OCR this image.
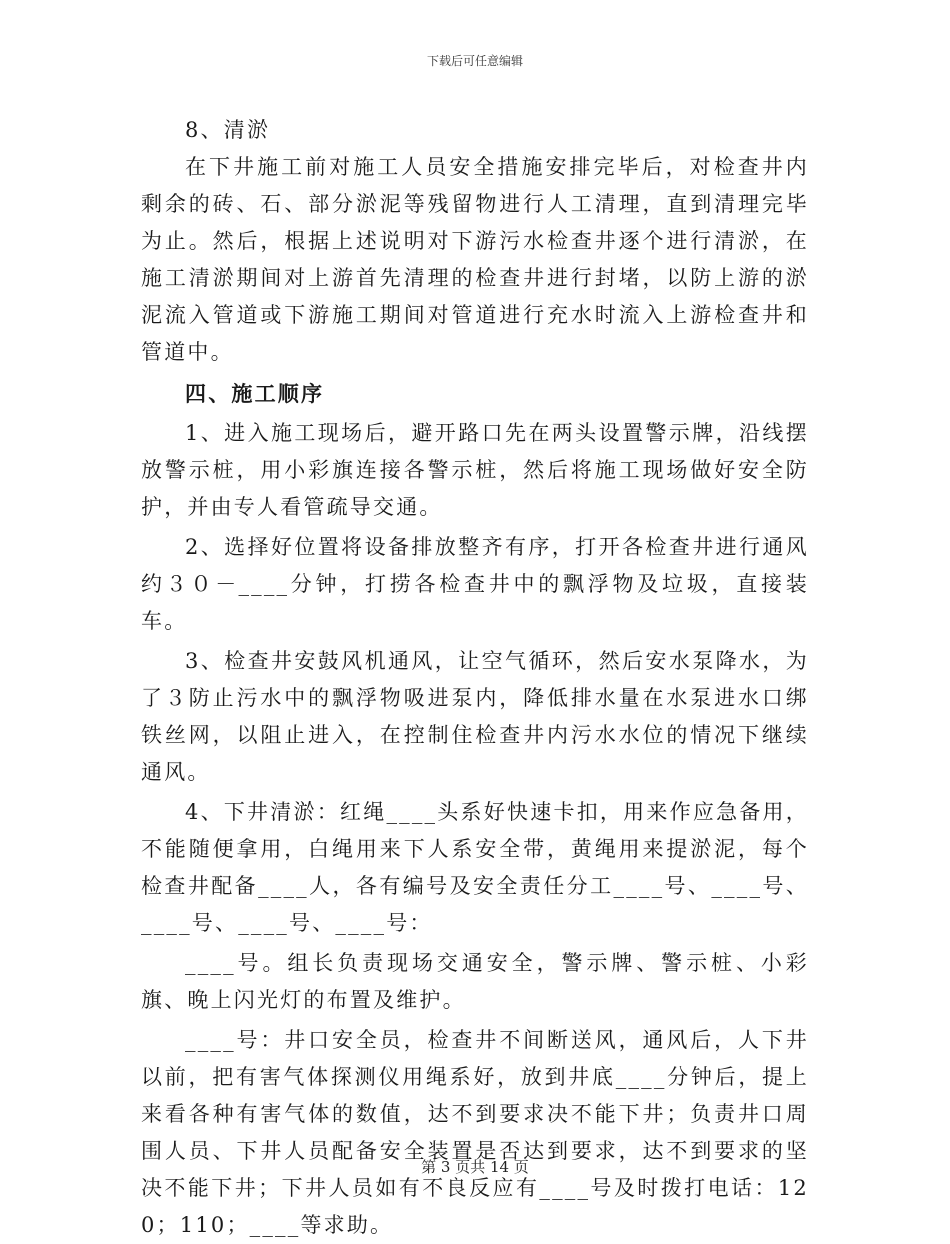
下载后可任意编辑

8、清淤

在下井施工前对施工人员安全措施安排完毕后，对检查井内剩余的砖、石、部分淤泥等残留物进行人工清理，直到清理完毕为止。然后，根据上述说明对下游污水检查井逐个进行清淤，在施工清淤期间对上游首先清理的检查井进行封堵，以防上游的淤泥流入管道或下游施工期间对管道进行充水时流入上游检查井和管道中。

四、施工顺序

1、进入施工现场后，避开路口先在两头设置警示牌，沿线摆放警示桩，用小彩旗连接各警示桩，然后将施工现场做好安全防护，并由专人看管疏导交通。

2、选择好位置将设备排放整齐有序，打开各检查井进行通风约３０－____分钟，打捞各检查井中的飘浮物及垃圾，直接装车。

3、检查井安鼓风机通风，让空气循环，然后安水泵降水，为了３防止污水中的飘浮物吸进泵内，降低排水量在水泵进水口绑铁丝网，以阻止进入，在控制住检查井内污水水位的情况下继续通风。

4、下井清淤：红绳____头系好快速卡扣，用来作应急备用，不能随便拿用，白绳用来下人系安全带，黄绳用来提淤泥，每个检查井配备____人，各有编号及安全责任分工____号、____号、____号、____号、____号：

____号。组长负责现场交通安全，警示牌、警示桩、小彩旗、晚上闪光灯的布置及维护。

____号：井口安全员，检查井不间断送风，通风后，人下井以前，把有害气体探测仪用绳系好，放到井底____分钟后，提上来看各种有害气体的数值，达不到要求决不能下井；负责井口周围人员、下井人员配备安全装置是否达到要求，达不到要求的坚决不能下井；下井人员如有不良反应有____号及时拨打电话：120；110；____等求助。

第 3 页共 14 页
